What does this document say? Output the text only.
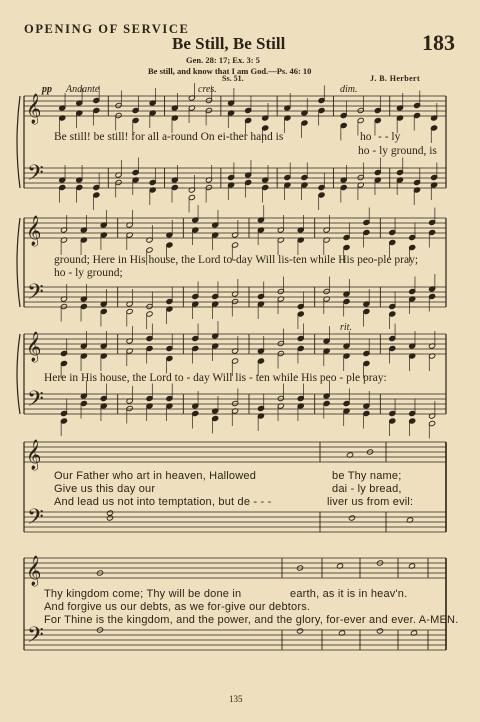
OPENING OF SERVICE
Be Still, Be Still	183
Gen. 28: 17; Ex. 3: 5
Be still, and know that I am God.—Ps. 46: 10
Ss. 51.	J. B. Herbert
pp Andante	cres.	dim.
rit.
Be still! be still! for all a-round On ei-ther hand is	ho - - ly
ho - ly ground, is
ground; Here in His house, the Lord to-day Will lis-ten while His peo-ple pray;
ho - ly ground;
Here in His house, the Lord to - day Will lis - ten while His peo - ple pray:
Our Father who art in heaven, Hallowed	be Thy name;
Give us this day our	dai - ly bread,
And lead us not into temptation, but de - - -	liver us from evil:
Thy kingdom come; Thy will be done in	earth, as it is in heav'n.
And forgive us our debts, as we for-give our debtors.
For Thine is the kingdom, and the power, and the glory, for-ever and ever. A-MEN.
135
𝄞
𝄢
𝄞
𝄢
𝄞
𝄢
𝄞
𝄢
𝄞
𝄢
